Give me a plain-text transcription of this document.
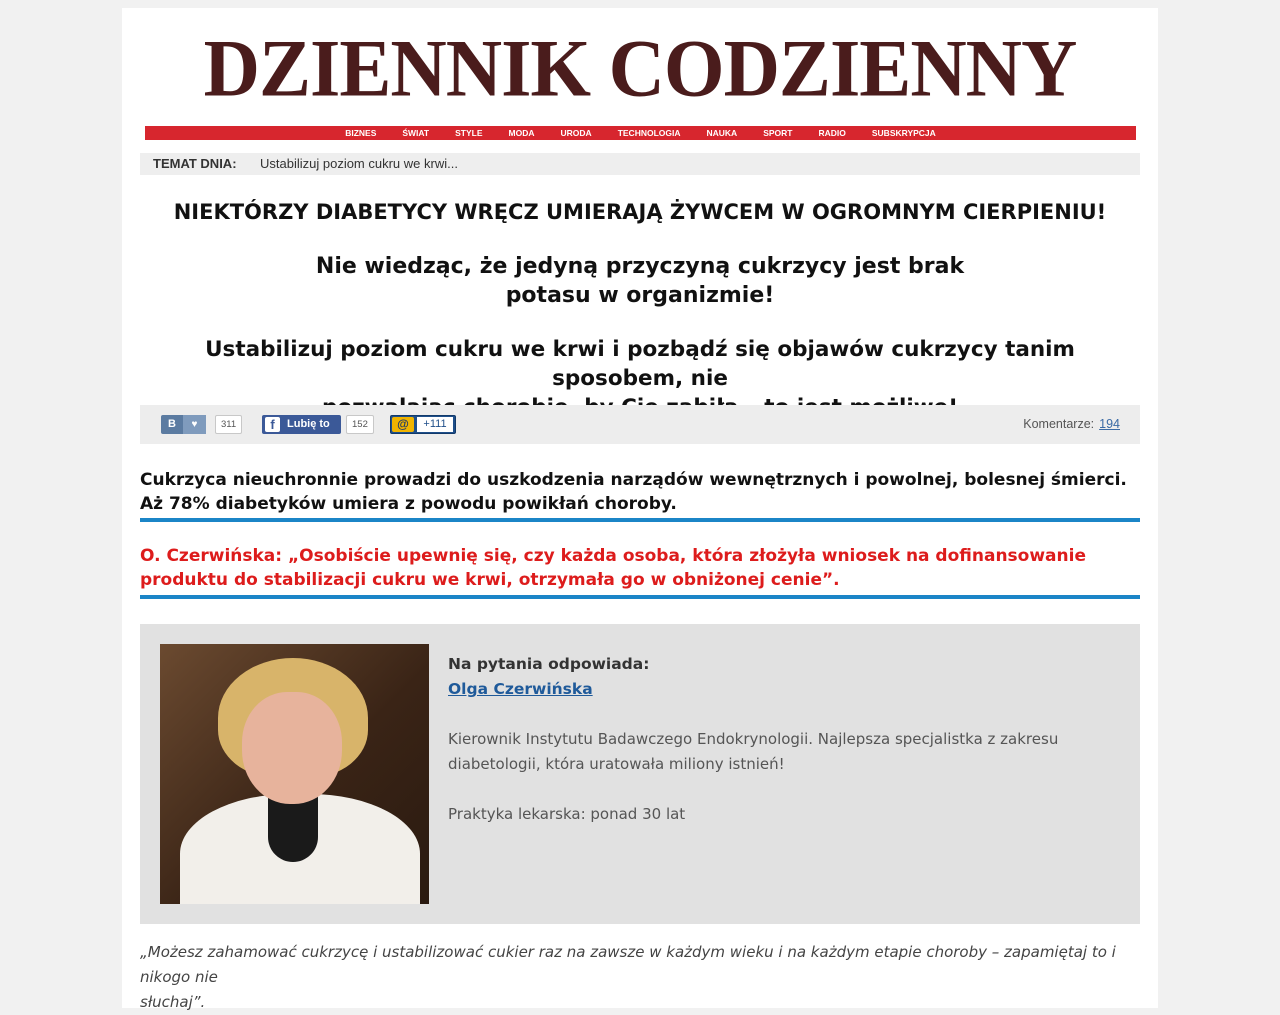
DZIENNIK CODZIENNY
BIZNES	ŚWIAT	STYLE	MODA	URODA	TECHNOLOGIA	NAUKA	SPORT	RADIO	SUBSKRYPCJA
TEMAT DNIA: Ustabilizuj poziom cukru we krwi...
NIEKTÓRZY DIABETYCY WRĘCZ UMIERAJĄ ŻYWCEM W OGROMNYM CIERPIENIU!
Nie wiedząc, że jedyną przyczyną cukrzycy jest brak
potasu w organizmie!
Ustabilizuj poziom cukru we krwi i pozbądź się objawów cukrzycy tanim sposobem, nie
B	♥	311	f	Lubię to	152	@	+111	Komentarze: 194
Cukrzyca nieuchronnie prowadzi do uszkodzenia narządów wewnętrznych i powolnej, bolesnej śmierci.
Aż 78% diabetyków umiera z powodu powikłań choroby.
O. Czerwińska: „Osobiście upewnię się, czy każda osoba, która złożyła wniosek na dofinansowanie
produktu do stabilizacji cukru we krwi, otrzymała go w obniżonej cenie”.
Na pytania odpowiada:
Olga Czerwińska
Kierownik Instytutu Badawczego Endokrynologii. Najlepsza specjalistka z zakresu
diabetologii, która uratowała miliony istnień!
Praktyka lekarska: ponad 30 lat
„Możesz zahamować cukrzycę i ustabilizować cukier raz na zawsze w każdym wieku i na każdym etapie choroby – zapamiętaj to i nikogo nie
słuchaj”.
